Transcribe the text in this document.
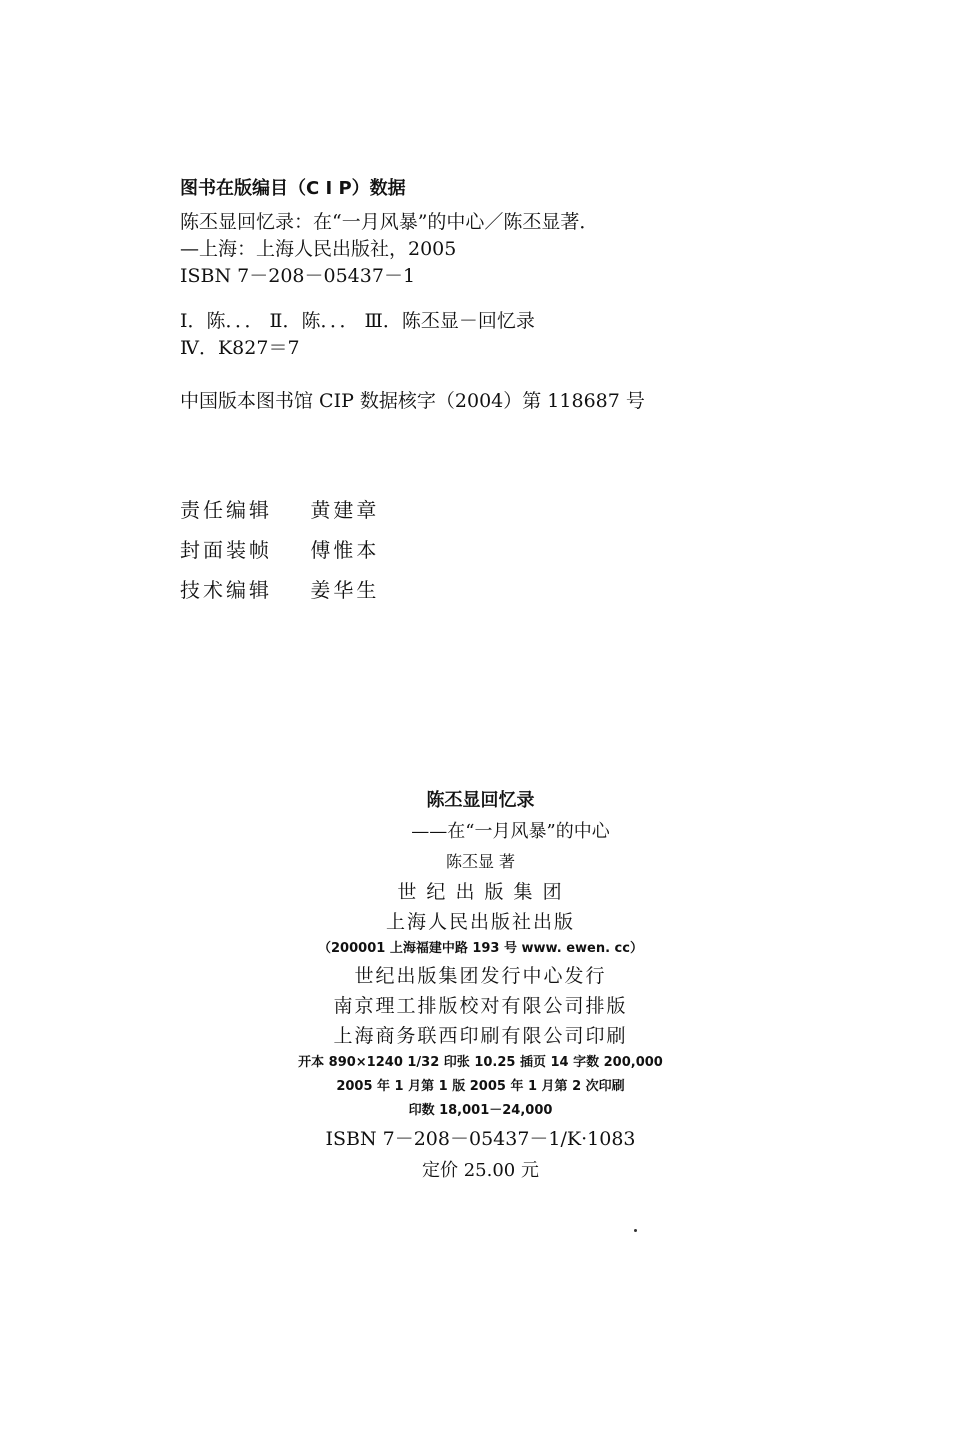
图书在版编目（C I P）数据
陈丕显回忆录：在“一月风暴”的中心／陈丕显著．
—上海：上海人民出版社，2005
ISBN 7－208－05437－1
Ⅰ．陈．．． Ⅱ．陈．．． Ⅲ．陈丕显－回忆录
Ⅳ．K827＝7
中国版本图书馆 CIP 数据核字（2004）第 118687 号
责任编辑 黄建章
封面装帧 傅惟本
技术编辑 姜华生
陈丕显回忆录
——在“一月风暴”的中心
陈丕显 著
世 纪 出 版 集 团
上海人民出版社出版
（200001 上海福建中路 193 号 www. ewen. cc）
世纪出版集团发行中心发行
南京理工排版校对有限公司排版
上海商务联西印刷有限公司印刷
开本 890×1240 1/32 印张 10.25 插页 14 字数 200,000
2005 年 1 月第 1 版 2005 年 1 月第 2 次印刷
印数 18,001－24,000
ISBN 7－208－05437－1/K·1083
定价 25.00 元
